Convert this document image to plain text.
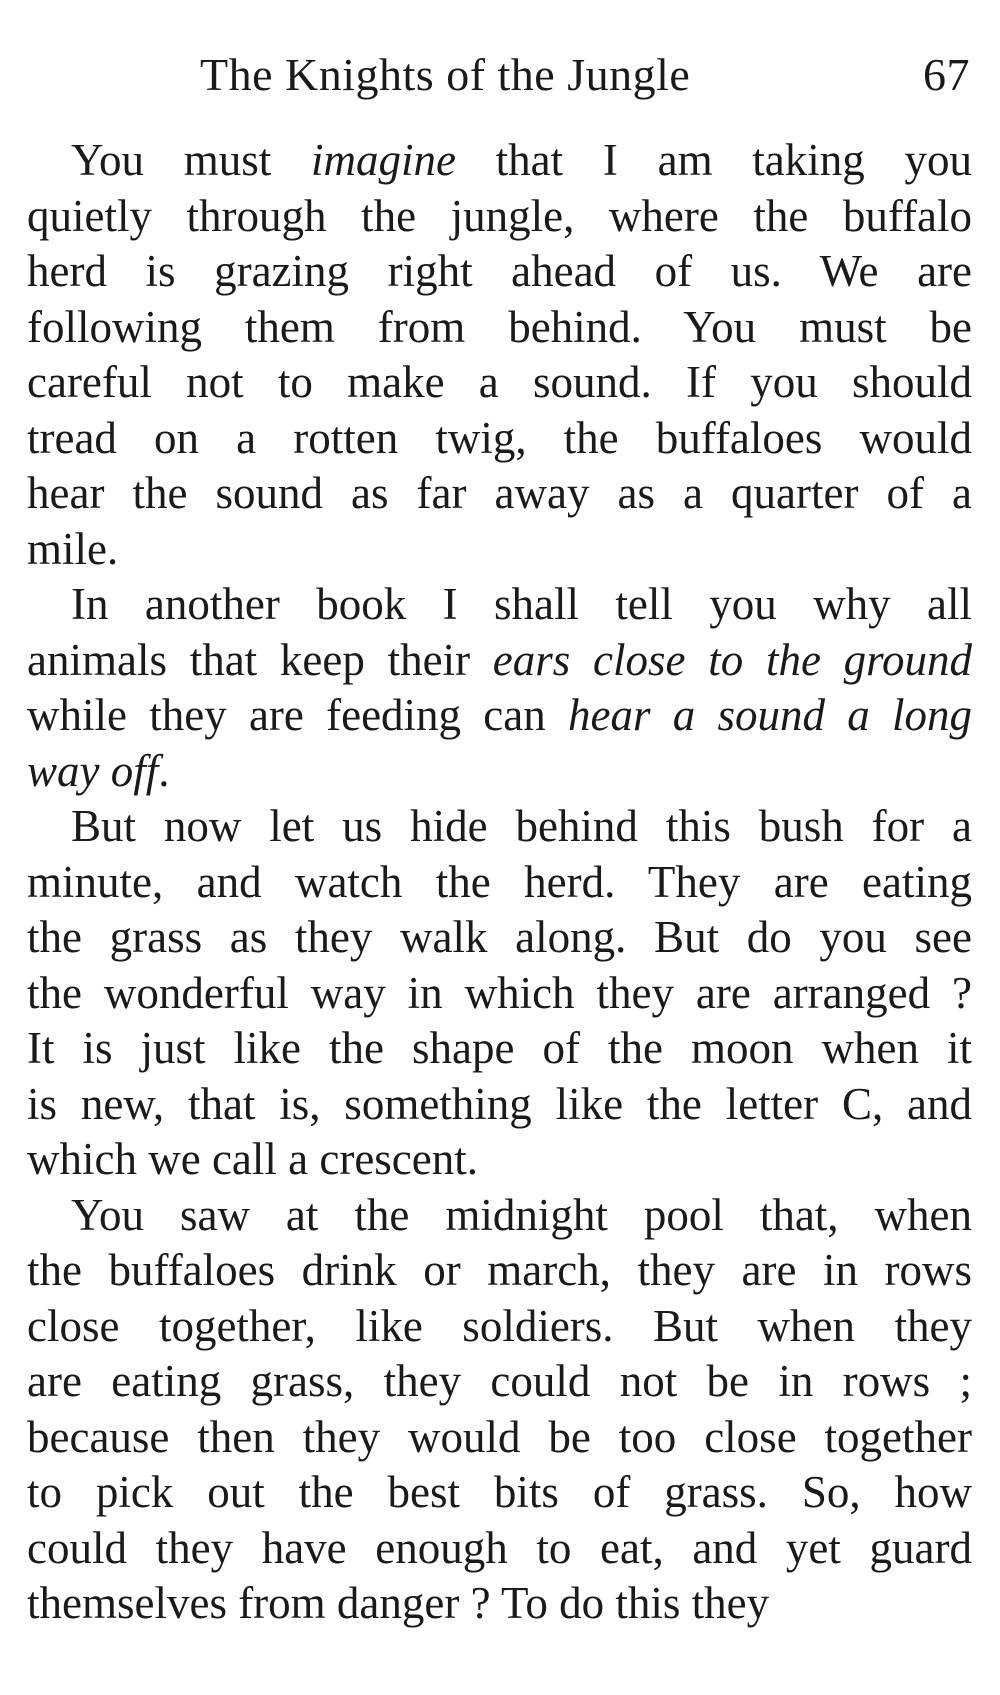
The Knights of the Jungle	67
You must imagine that I am taking you
quietly through the jungle, where the buffalo
herd is grazing right ahead of us. We are
following them from behind. You must be
careful not to make a sound. If you should
tread on a rotten twig, the buffaloes would
hear the sound as far away as a quarter of a
mile.
In another book I shall tell you why all
animals that keep their ears close to the ground
while they are feeding can hear a sound a long
way off.
But now let us hide behind this bush for a
minute, and watch the herd. They are eating
the grass as they walk along. But do you see
the wonderful way in which they are arranged ?
It is just like the shape of the moon when it
is new, that is, something like the letter C, and
which we call a crescent.
You saw at the midnight pool that, when
the buffaloes drink or march, they are in rows
close together, like soldiers. But when they
are eating grass, they could not be in rows ;
because then they would be too close together
to pick out the best bits of grass. So, how
could they have enough to eat, and yet guard
themselves from danger ? To do this they
